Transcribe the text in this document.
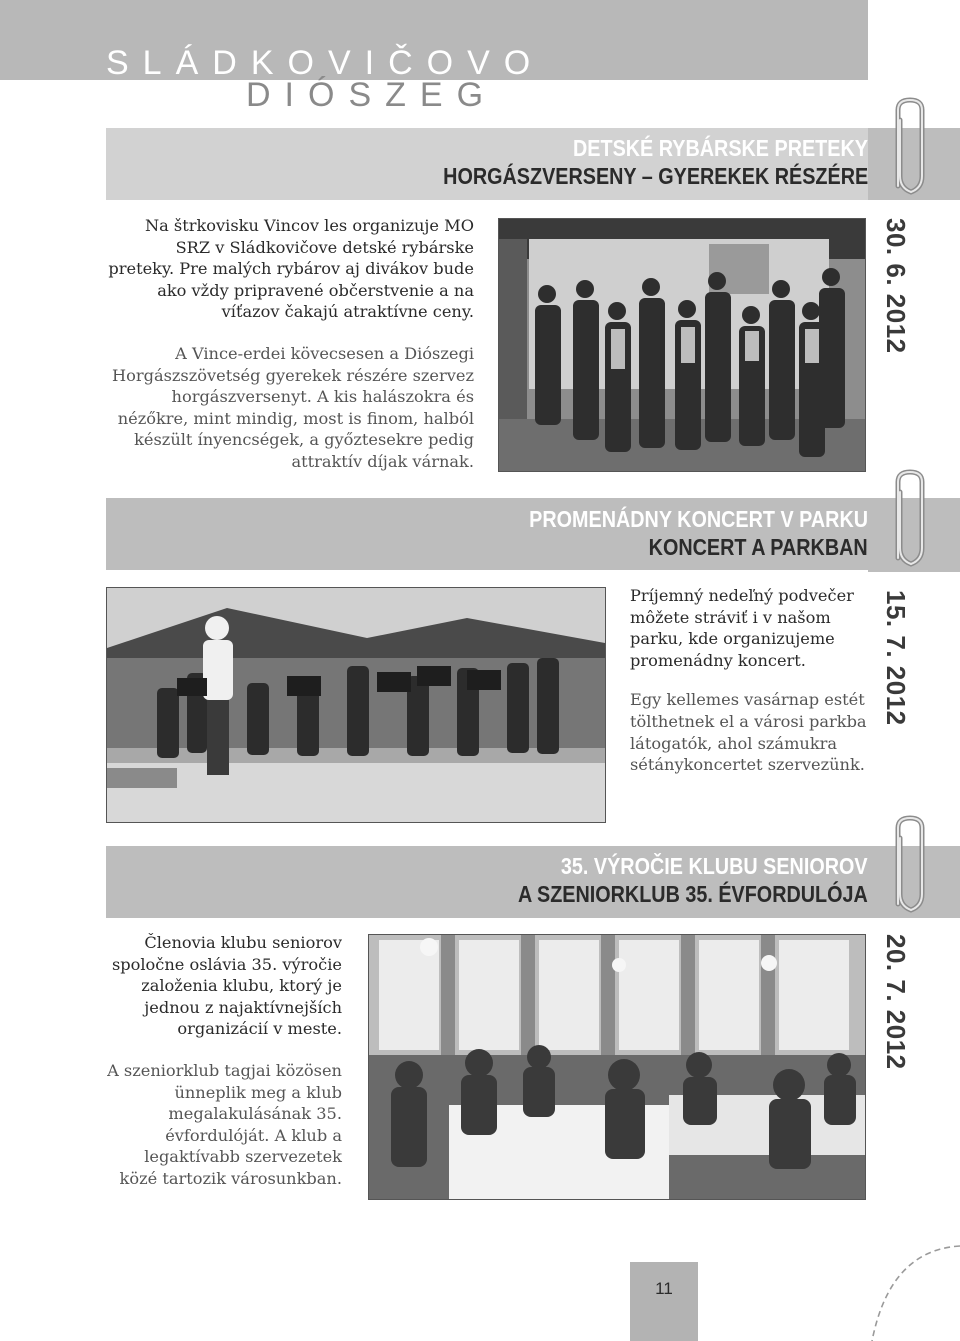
SLÁDKOVIČOVO
DIÓSZEG
DETSKÉ RYBÁRSKE PRETEKY
HORGÁSZVERSENY – GYEREKEK RÉSZÉRE
30. 6. 2012

Na štrkovisku Vincov les organizuje MO SRZ v Sládkovičove detské rybárske preteky. Pre malých rybárov aj divákov bude ako vždy pripravené občerstvenie a na víťazov čakajú atraktívne ceny.

A Vince-erdei kövecsesen a Diószegi Horgászszövetség gyerekek részére szervez horgászversenyt. A kis halászokra és nézőkre, mint mindig, most is finom, halból készült ínyencségek, a győztesekre pedig attraktív díjak várnak.

PROMENÁDNY KONCERT V PARKU
KONCERT A PARKBAN
15. 7. 2012

Príjemný nedeľný podvečer môžete stráviť i v našom parku, kde organizujeme promenádny koncert.

Egy kellemes vasárnap estét tölthetnek el a városi parkba látogatók, ahol számukra sétánykoncertet szervezünk.

35. VÝROČIE KLUBU SENIOROV
A SZENIORKLUB 35. ÉVFORDULÓJA
20. 7. 2012

Členovia klubu seniorov spoločne oslávia 35. výročie založenia klubu, ktorý je jednou z najaktívnejších organizácií v meste.

A szeniorklub tagjai közösen ünneplik meg a klub megalakulásának 35. évfordulóját. A klub a legaktívabb szervezetek közé tartozik városunkban.

11
